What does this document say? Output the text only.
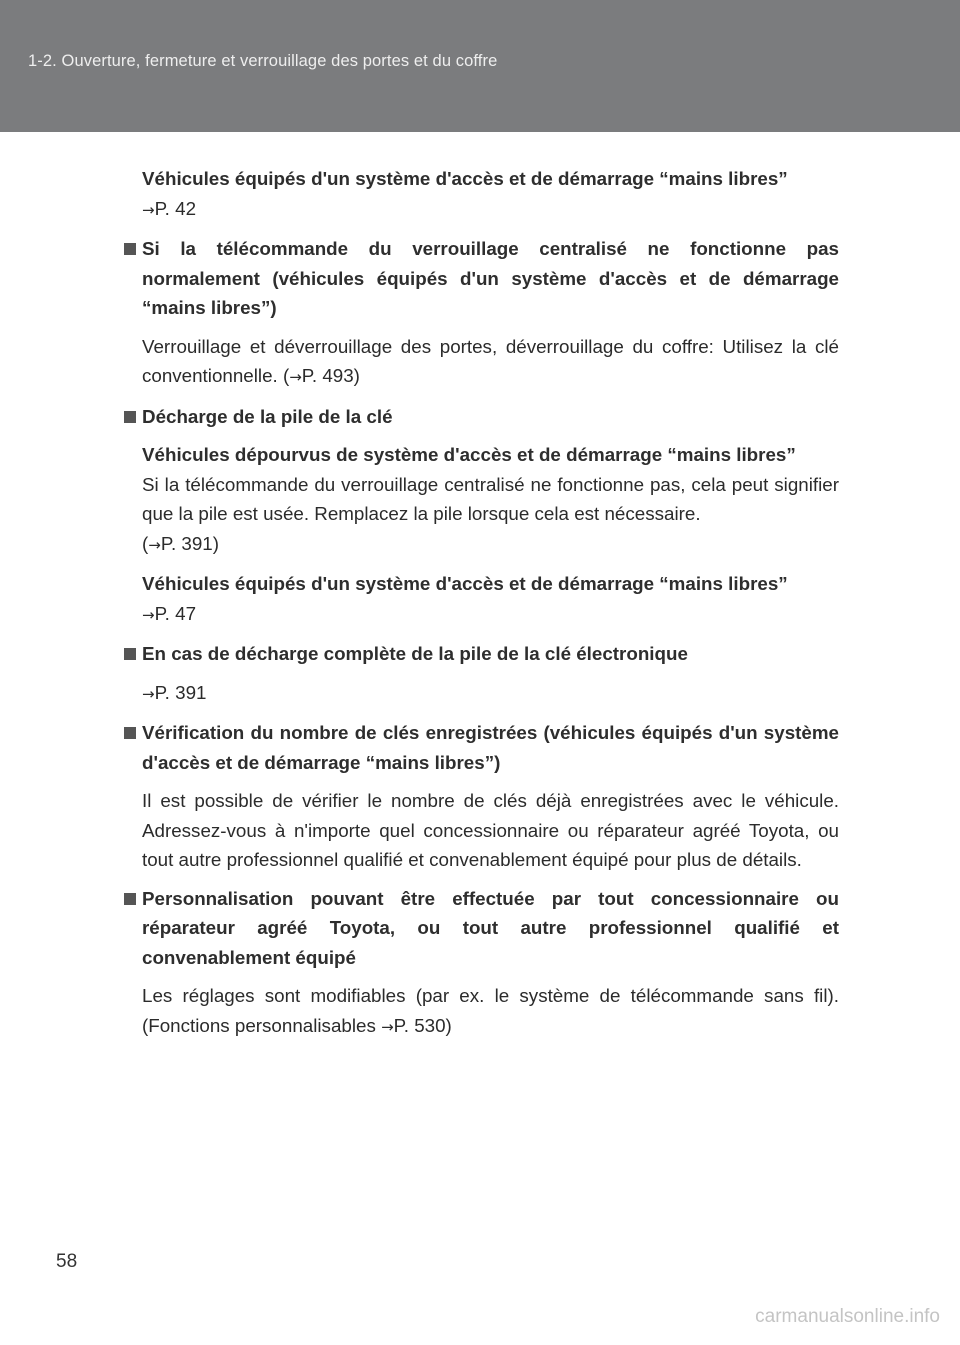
1-2. Ouverture, fermeture et verrouillage des portes et du coffre

Véhicules équipés d'un système d'accès et de démarrage “mains libres”

→P. 42

Si la télécommande du verrouillage centralisé ne fonctionne pas normalement (véhicules équipés d'un système d'accès et de démarrage “mains libres”)

Verrouillage et déverrouillage des portes, déverrouillage du coffre: Utilisez la clé conventionnelle. (→P. 493)

Décharge de la pile de la clé

Véhicules dépourvus de système d'accès et de démarrage “mains libres”

Si la télécommande du verrouillage centralisé ne fonctionne pas, cela peut signifier que la pile est usée. Remplacez la pile lorsque cela est nécessaire.

(→P. 391)

Véhicules équipés d'un système d'accès et de démarrage “mains libres”

→P. 47

En cas de décharge complète de la pile de la clé électronique

→P. 391

Vérification du nombre de clés enregistrées (véhicules équipés d'un système d'accès et de démarrage “mains libres”)

Il est possible de vérifier le nombre de clés déjà enregistrées avec le véhicule. Adressez-vous à n'importe quel concessionnaire ou réparateur agréé Toyota, ou tout autre professionnel qualifié et convenablement équipé pour plus de détails.

Personnalisation pouvant être effectuée par tout concessionnaire ou réparateur agréé Toyota, ou tout autre professionnel qualifié et convenablement équipé

Les réglages sont modifiables (par ex. le système de télécommande sans fil). (Fonctions personnalisables →P. 530)

58
carmanualsonline.info
